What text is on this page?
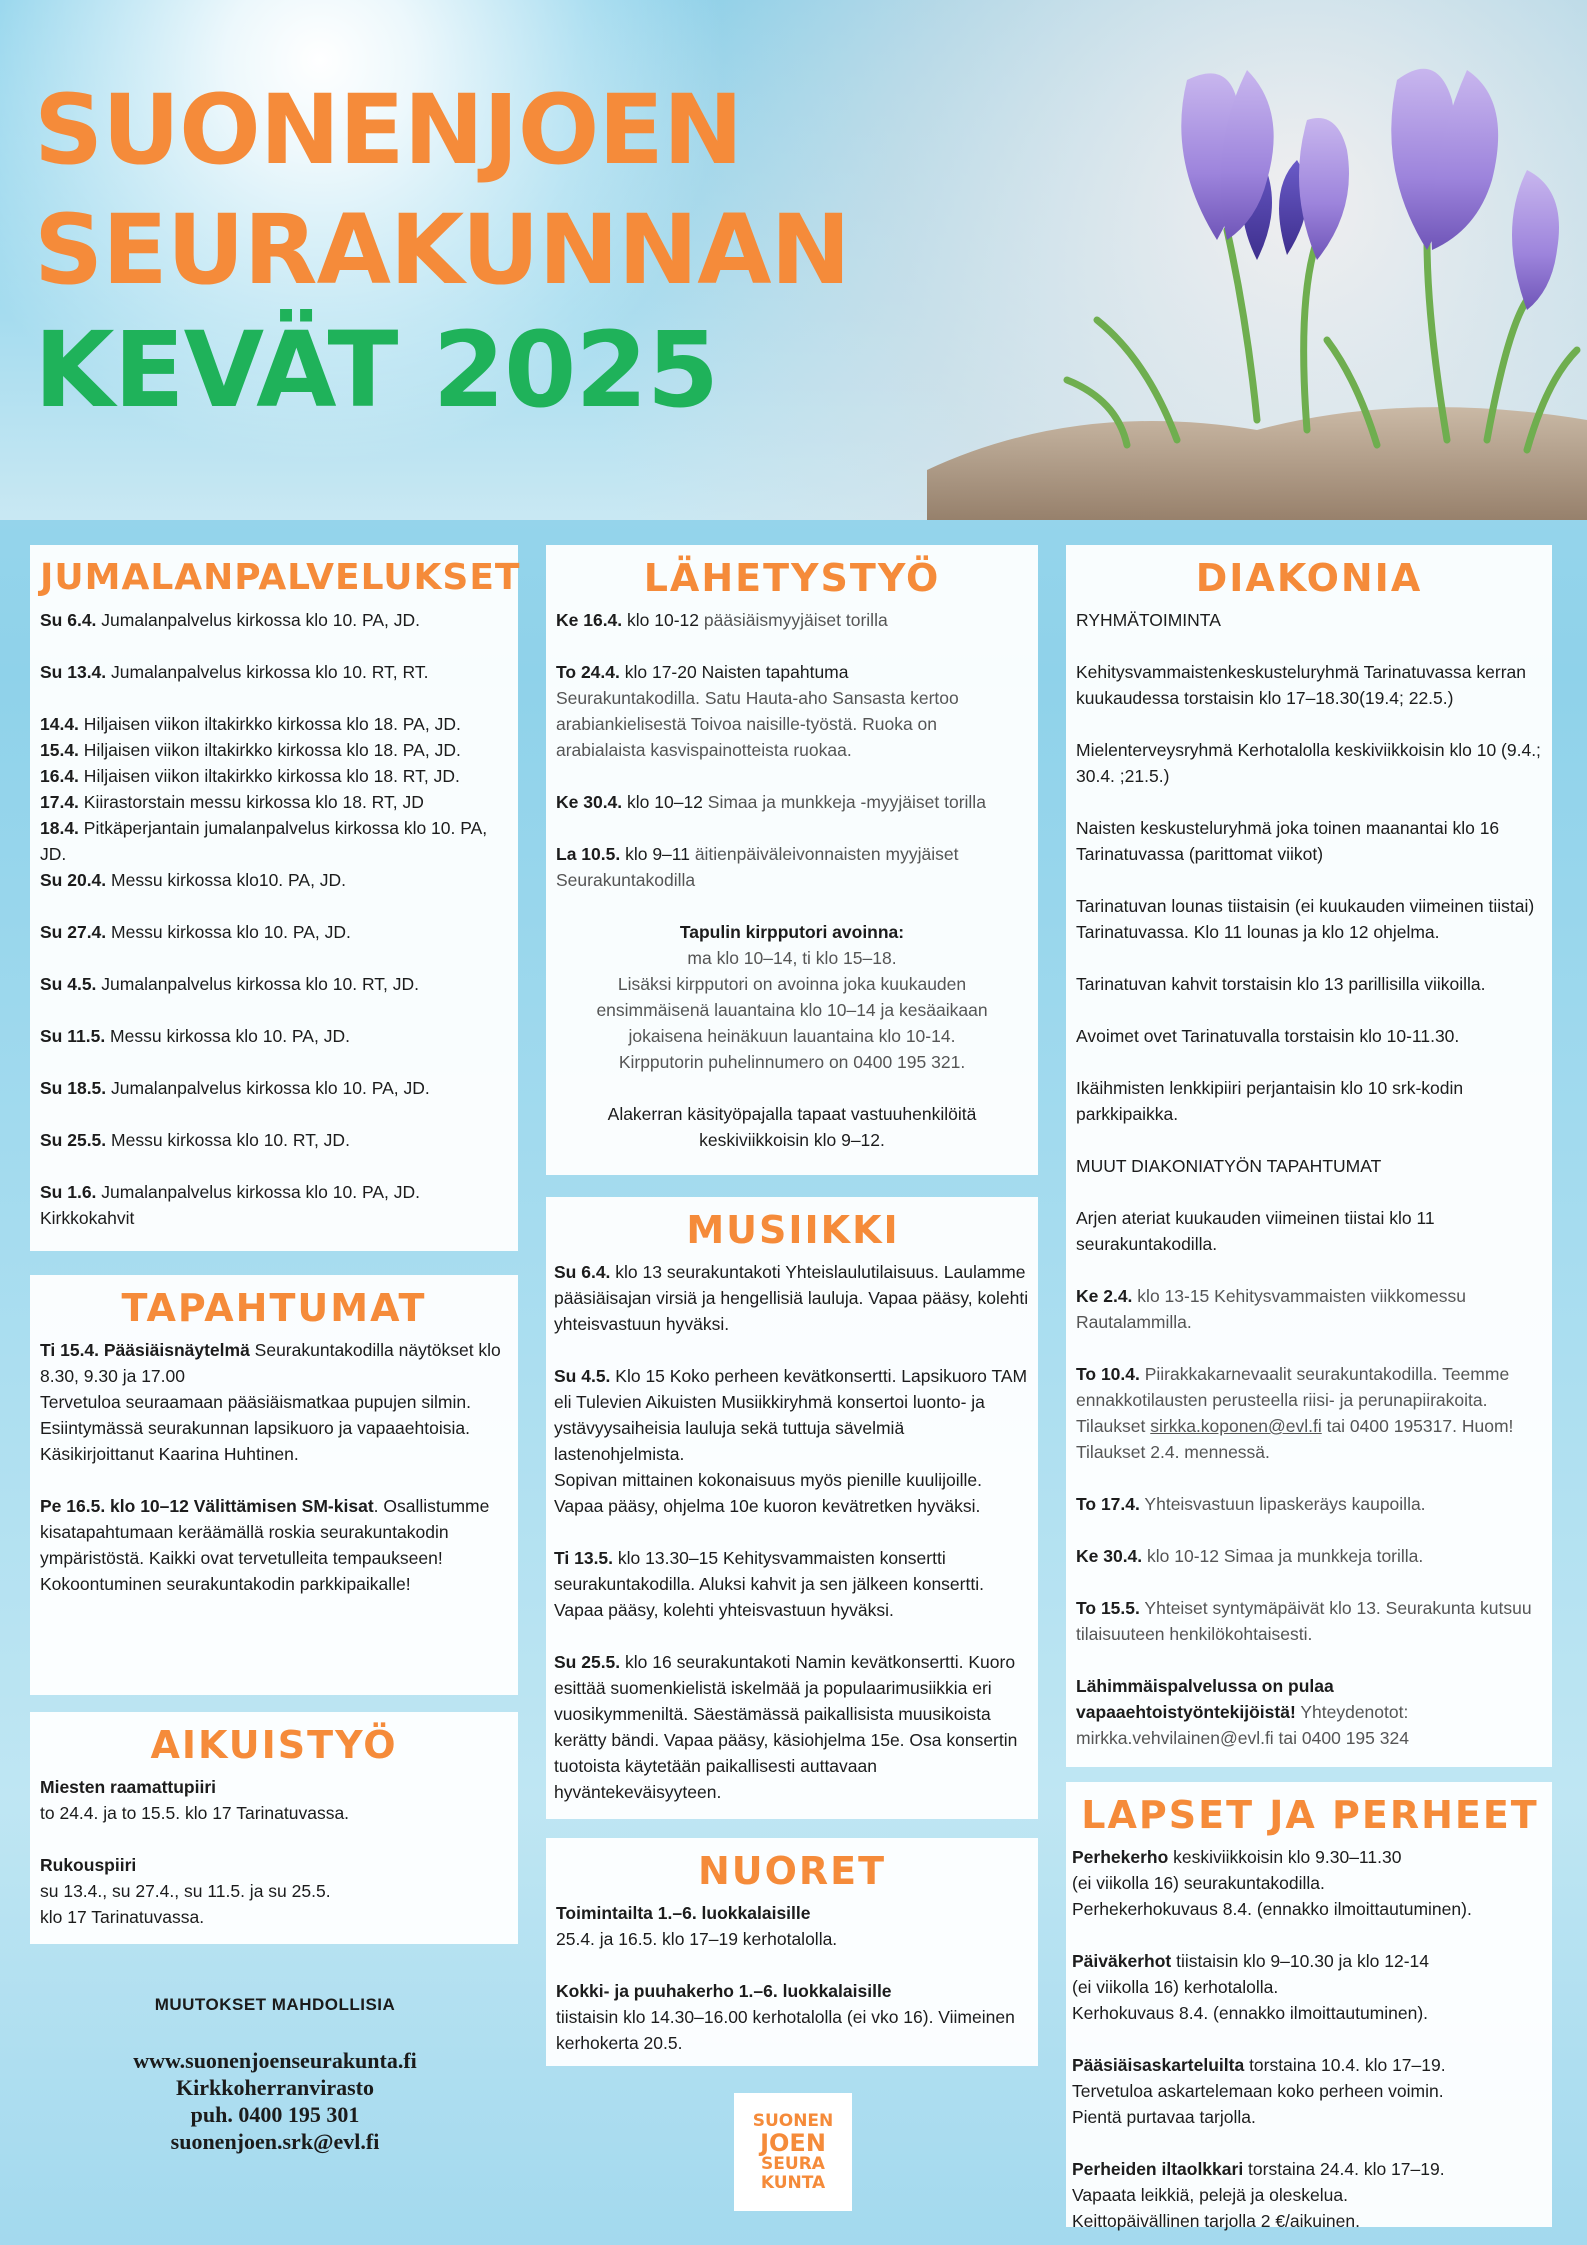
SUONENJOEN
SEURAKUNNAN
KEVÄT 2025
JUMALANPALVELUKSET
Su 6.4. Jumalanpalvelus kirkossa klo 10. PA, JD.
Su 13.4. Jumalanpalvelus kirkossa klo 10. RT, RT.
14.4. Hiljaisen viikon iltakirkko kirkossa klo 18. PA, JD.
15.4. Hiljaisen viikon iltakirkko kirkossa klo 18. PA, JD.
16.4. Hiljaisen viikon iltakirkko kirkossa klo 18. RT, JD.
17.4. Kiirastorstain messu kirkossa klo 18. RT, JD
18.4. Pitkäperjantain jumalanpalvelus kirkossa klo 10. PA, JD.
Su 20.4. Messu kirkossa klo10. PA, JD.
Su 27.4. Messu kirkossa klo 10. PA, JD.
Su 4.5. Jumalanpalvelus kirkossa klo 10. RT, JD.
Su 11.5. Messu kirkossa klo 10. PA, JD.
Su 18.5. Jumalanpalvelus kirkossa klo 10. PA, JD.
Su 25.5. Messu kirkossa klo 10. RT, JD.
Su 1.6. Jumalanpalvelus kirkossa klo 10. PA, JD. Kirkkokahvit
TAPAHTUMAT
Ti 15.4. Pääsiäisnäytelmä Seurakuntakodilla näytökset klo 8.30, 9.30 ja 17.00
Tervetuloa seuraamaan pääsiäismatkaa pupujen silmin.
Esiintymässä seurakunnan lapsikuoro ja vapaaehtoisia.
Käsikirjoittanut Kaarina Huhtinen.
Pe 16.5. klo 10–12 Välittämisen SM-kisat. Osallistumme kisatapahtumaan keräämällä roskia seurakuntakodin ympäristöstä. Kaikki ovat tervetulleita tempaukseen! Kokoontuminen seurakuntakodin parkkipaikalle!
AIKUISTYÖ
Miesten raamattupiiri
to 24.4. ja to 15.5. klo 17 Tarinatuvassa.
Rukouspiiri
su 13.4., su 27.4., su 11.5. ja su 25.5.
klo 17 Tarinatuvassa.
MUUTOKSET MAHDOLLISIA
www.suonenjoenseurakunta.fi
Kirkkoherranvirasto
puh. 0400 195 301
suonenjoen.srk@evl.fi
SUONEN
JOEN
SEURA
KUNTA
LÄHETYSTYÖ
Ke 16.4. klo 10-12 pääsiäismyyjäiset torilla
To 24.4. klo 17-20 Naisten tapahtuma
Seurakuntakodilla. Satu Hauta-aho Sansasta kertoo arabiankielisestä Toivoa naisille-työstä. Ruoka on arabialaista kasvispainotteista ruokaa.
Ke 30.4. klo 10–12 Simaa ja munkkeja -myyjäiset torilla
La 10.5. klo 9–11 äitienpäiväleivonnaisten myyjäiset Seurakuntakodilla
Tapulin kirpputori avoinna:
ma klo 10–14, ti klo 15–18.
Lisäksi kirpputori on avoinna joka kuukauden ensimmäisenä lauantaina klo 10–14 ja kesäaikaan jokaisena heinäkuun lauantaina klo 10-14.
Kirpputorin puhelinnumero on 0400 195 321.
Alakerran käsityöpajalla tapaat vastuuhenkilöitä keskiviikkoisin klo 9–12.
MUSIIKKI
Su 6.4. klo 13 seurakuntakoti Yhteislaulutilaisuus. Laulamme pääsiäisajan virsiä ja hengellisiä lauluja. Vapaa pääsy, kolehti yhteisvastuun hyväksi.
Su 4.5. Klo 15 Koko perheen kevätkonsertti. Lapsikuoro TAM eli Tulevien Aikuisten Musiikkiryhmä konsertoi luonto- ja ystävyysaiheisia lauluja sekä tuttuja sävelmiä lastenohjelmista.
Sopivan mittainen kokonaisuus myös pienille kuulijoille. Vapaa pääsy, ohjelma 10e kuoron kevätretken hyväksi.
Ti 13.5. klo 13.30–15 Kehitysvammaisten konsertti seurakuntakodilla. Aluksi kahvit ja sen jälkeen konsertti. Vapaa pääsy, kolehti yhteisvastuun hyväksi.
Su 25.5. klo 16 seurakuntakoti Namin kevätkonsertti. Kuoro esittää suomenkielistä iskelmää ja populaarimusiikkia eri vuosikymmeniltä. Säestämässä paikallisista muusikoista kerätty bändi. Vapaa pääsy, käsiohjelma 15e. Osa konsertin tuotoista käytetään paikallisesti auttavaan hyväntekeväisyyteen.
NUORET
Toimintailta 1.–6. luokkalaisille
25.4. ja 16.5. klo 17–19 kerhotalolla.
Kokki- ja puuhakerho 1.–6. luokkalaisille
tiistaisin klo 14.30–16.00 kerhotalolla (ei vko 16). Viimeinen kerhokerta 20.5.
DIAKONIA
RYHMÄTOIMINTA
Kehitysvammaistenkeskusteluryhmä Tarinatuvassa kerran kuukaudessa torstaisin klo 17–18.30(19.4; 22.5.)
Mielenterveysryhmä Kerhotalolla keskiviikkoisin klo 10 (9.4.; 30.4. ;21.5.)
Naisten keskusteluryhmä joka toinen maanantai klo 16 Tarinatuvassa (parittomat viikot)
Tarinatuvan lounas tiistaisin (ei kuukauden viimeinen tiistai) Tarinatuvassa. Klo 11 lounas ja klo 12 ohjelma.
Tarinatuvan kahvit torstaisin klo 13 parillisilla viikoilla.
Avoimet ovet Tarinatuvalla torstaisin klo 10-11.30.
Ikäihmisten lenkkipiiri perjantaisin klo 10 srk-kodin parkkipaikka.
MUUT DIAKONIATYÖN TAPAHTUMAT
Arjen ateriat kuukauden viimeinen tiistai klo 11 seurakuntakodilla.
Ke 2.4. klo 13-15 Kehitysvammaisten viikkomessu Rautalammilla.
To 10.4. Piirakkakarnevaalit seurakuntakodilla. Teemme ennakkotilausten perusteella riisi- ja perunapiirakoita. Tilaukset sirkka.koponen@evl.fi tai 0400 195317. Huom! Tilaukset 2.4. mennessä.
To 17.4. Yhteisvastuun lipaskeräys kaupoilla.
Ke 30.4. klo 10-12 Simaa ja munkkeja torilla.
To 15.5. Yhteiset syntymäpäivät klo 13. Seurakunta kutsuu tilaisuuteen henkilökohtaisesti.
Lähimmäispalvelussa on pulaa vapaaehtoistyöntekijöistä! Yhteydenotot: mirkka.vehvilainen@evl.fi tai 0400 195 324
LAPSET JA PERHEET
Perhekerho keskiviikkoisin klo 9.30–11.30
(ei viikolla 16) seurakuntakodilla.
Perhekerhokuvaus 8.4. (ennakko ilmoittautuminen).
Päiväkerhot tiistaisin klo 9–10.30 ja klo 12-14
(ei viikolla 16) kerhotalolla.
Kerhokuvaus 8.4. (ennakko ilmoittautuminen).
Pääsiäisaskarteluilta torstaina 10.4. klo 17–19.
Tervetuloa askartelemaan koko perheen voimin.
Pientä purtavaa tarjolla.
Perheiden iltaolkkari torstaina 24.4. klo 17–19.
Vapaata leikkiä, pelejä ja oleskelua.
Keittopäivällinen tarjolla 2 €/aikuinen.
